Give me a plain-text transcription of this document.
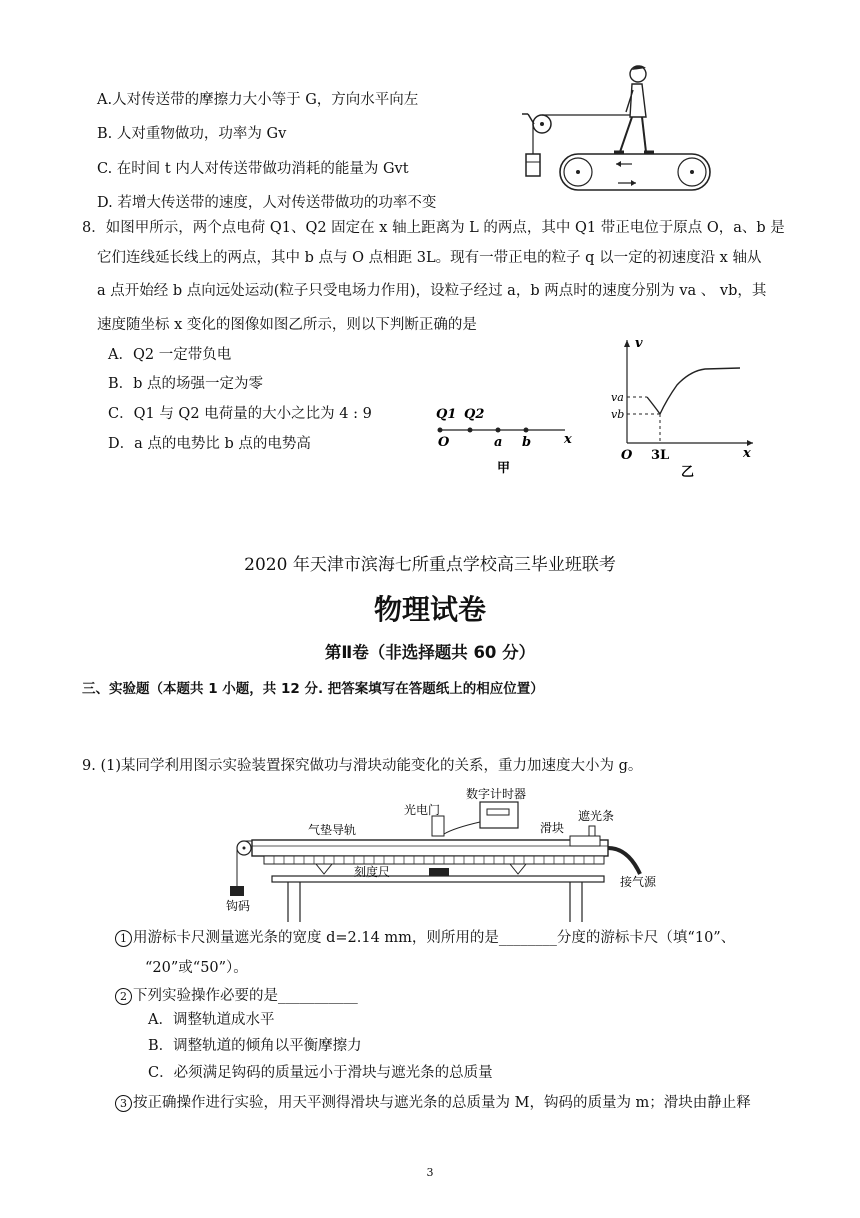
A.人对传送带的摩擦力大小等于 G，方向水平向左
B. 人对重物做功，功率为 Gv
C. 在时间 t 内人对传送带做功消耗的能量为 Gvt
D. 若增大传送带的速度，人对传送带做功的功率不变
8．如图甲所示，两个点电荷 Q1、Q2 固定在 x 轴上距离为 L 的两点，其中 Q1 带正电位于原点 O，a、b 是
它们连线延长线上的两点，其中 b 点与 O 点相距 3L。现有一带正电的粒子 q 以一定的初速度沿 x 轴从
a 点开始经 b 点向远处运动(粒子只受电场力作用)，设粒子经过 a，b 两点时的速度分别为 va 、 vb，其
速度随坐标 x 变化的图像如图乙所示，则以下判断正确的是
A．Q2 一定带负电
B．b 点的场强一定为零
C．Q1 与 Q2 电荷量的大小之比为 4 : 9
D．a 点的电势比 b 点的电势高
Q1 Q2
O	a b	x
甲
v
va
vb
O 3L	x
乙
2020 年天津市滨海七所重点学校高三毕业班联考
物理试卷
第Ⅱ卷（非选择题共 60 分）
三、实验题（本题共 1 小题，共 12 分. 把答案填写在答题纸上的相应位置）
9. (1)某同学利用图示实验装置探究做功与滑块动能变化的关系，重力加速度大小为 g。
数字计时器
光电门
气垫导轨	滑块
遮光条
刻度尺
接气源
钩码
1 用游标卡尺测量遮光条的宽度 d=2.14 mm，则所用的是________分度的游标卡尺（填“10”、
“20”或“50”）。
2 下列实验操作必要的是___________
A．调整轨道成水平
B．调整轨道的倾角以平衡摩擦力
C．必须满足钩码的质量远小于滑块与遮光条的总质量
3 按正确操作进行实验，用天平测得滑块与遮光条的总质量为 M，钩码的质量为 m；滑块由静止释
3
